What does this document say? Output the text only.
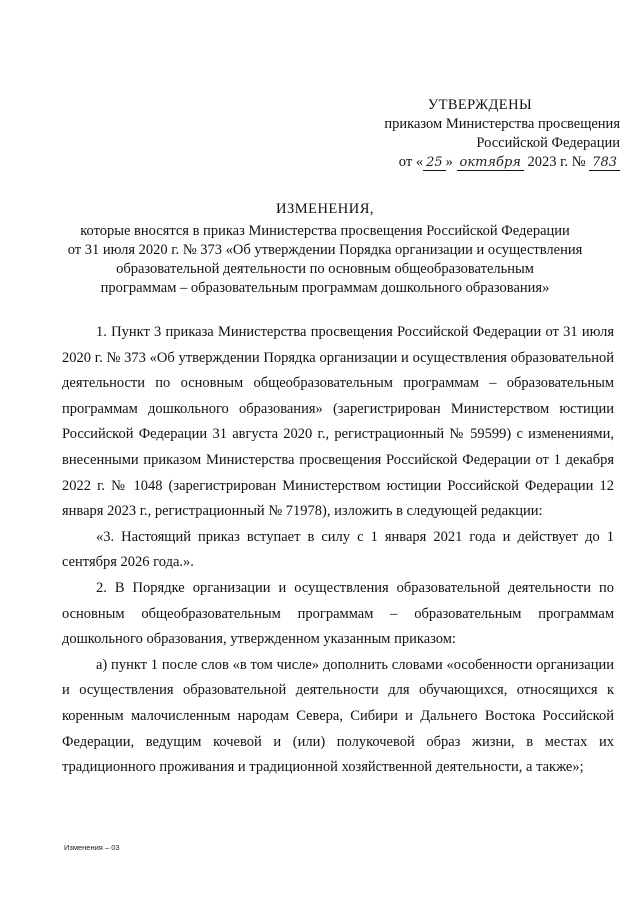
УТВЕРЖДЕНЫ
приказом Министерства просвещения
Российской Федерации
от « 25 » октября 2023 г. № 783
ИЗМЕНЕНИЯ,
которые вносятся в приказ Министерства просвещения Российской Федерации
от 31 июля 2020 г. № 373 «Об утверждении Порядка организации и осуществления
образовательной деятельности по основным общеобразовательным
программам – образовательным программам дошкольного образования»

1. Пункт 3 приказа Министерства просвещения Российской Федерации от 31 июля 2020 г. № 373 «Об утверждении Порядка организации и осуществления образовательной деятельности по основным общеобразовательным программам – образовательным программам дошкольного образования» (зарегистрирован Министерством юстиции Российской Федерации 31 августа 2020 г., регистрационный № 59599) с изменениями, внесенными приказом Министерства просвещения Российской Федерации от 1 декабря 2022 г. № 1048 (зарегистрирован Министерством юстиции Российской Федерации 12 января 2023 г., регистрационный № 71978), изложить в следующей редакции:

«3. Настоящий приказ вступает в силу с 1 января 2021 года и действует до 1 сентября 2026 года.».

2. В Порядке организации и осуществления образовательной деятельности по основным общеобразовательным программам – образовательным программам дошкольного образования, утвержденном указанным приказом:

а) пункт 1 после слов «в том числе» дополнить словами «особенности организации и осуществления образовательной деятельности для обучающихся, относящихся к коренным малочисленным народам Севера, Сибири и Дальнего Востока Российской Федерации, ведущим кочевой и (или) полукочевой образ жизни, в местах их традиционного проживания и традиционной хозяйственной деятельности, а также»;

Изменения – 03
